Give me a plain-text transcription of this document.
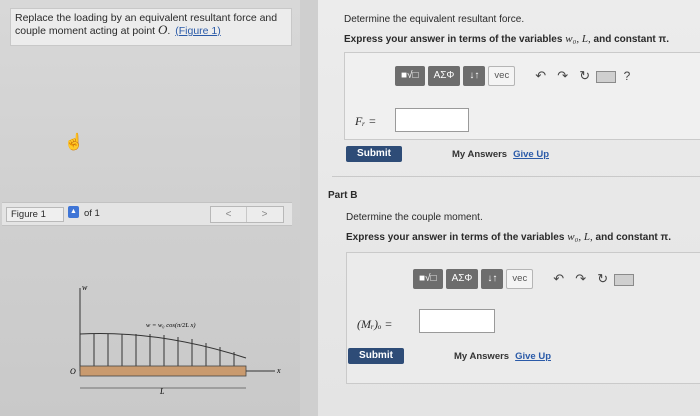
Replace the loading by an equivalent resultant force and couple moment acting at point O. (Figure 1)
☝
Figure 1	▲ of 1	<	>
w
w = w₀ cos(π/2L x)
x
O
L
Determine the equivalent resultant force.
Express your answer in terms of the variables w₀, L, and constant π.
■√□ ΑΣΦ ↓↑ vec ↶ ↷ ↻	?
Fᵣ =
Submit	My Answers Give Up
Part B
Determine the couple moment.
Express your answer in terms of the variables w₀, L, and constant π.
■√□ ΑΣΦ ↓↑ vec ↶ ↷ ↻
(Mᵣ)ₒ =
Submit	My Answers Give Up
